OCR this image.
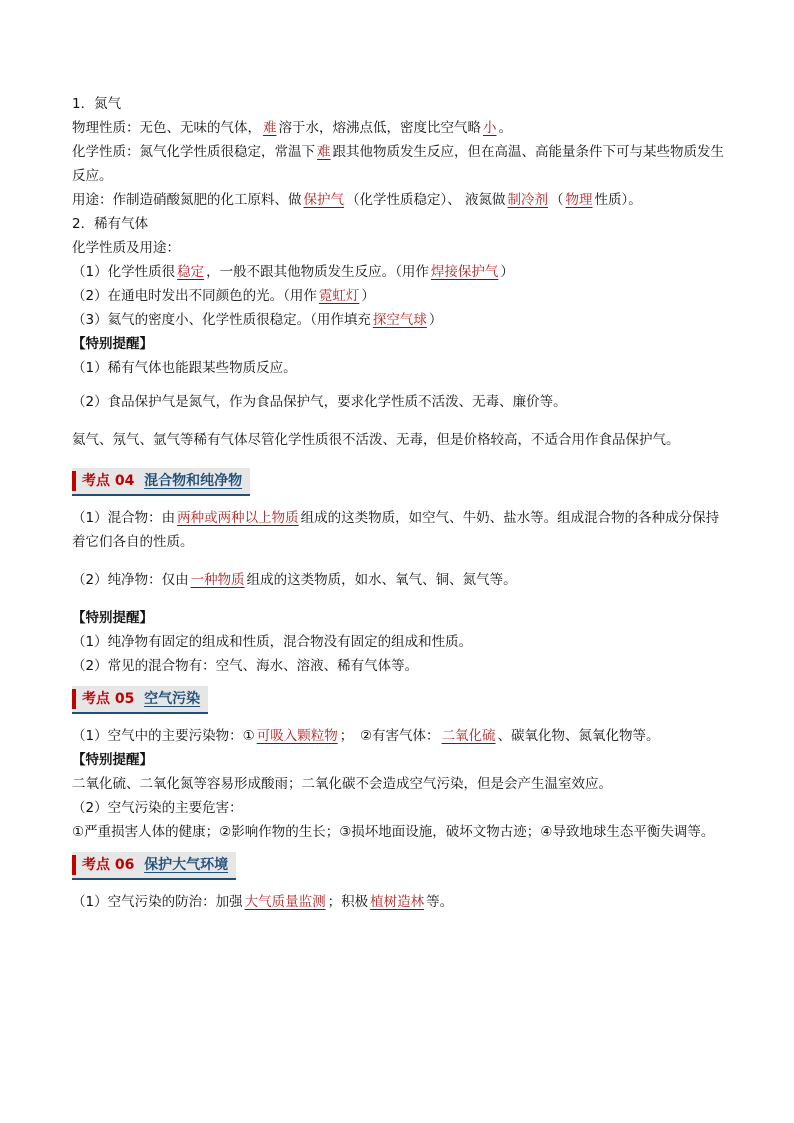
1．氮气

物理性质：无色、无味的气体， 难 溶于水，熔沸点低，密度比空气略 小 。

化学性质：氮气化学性质很稳定，常温下 难 跟其他物质发生反应，但在高温、高能量条件下可与某些物质发生反应。

用途：作制造硝酸氮肥的化工原料、做 保护气 （化学性质稳定）、 液氮做 制冷剂 （ 物理 性质）。

2．稀有气体

化学性质及用途：

（1）化学性质很 稳定 ，一般不跟其他物质发生反应。（用作 焊接保护气 ）

（2）在通电时发出不同颜色的光。（用作 霓虹灯 ）

（3）氦气的密度小、化学性质很稳定。（用作填充 探空气球 ）

【特别提醒】

（1）稀有气体也能跟某些物质反应。

（2）食品保护气是氮气，作为食品保护气，要求化学性质不活泼、无毒、廉价等。

氦气、氖气、氩气等稀有气体尽管化学性质很不活泼、无毒，但是价格较高，不适合用作食品保护气。

考点 04 混合物和纯净物

（1）混合物：由 两种或两种以上物质 组成的这类物质，如空气、牛奶、盐水等。组成混合物的各种成分保持着它们各自的性质。

（2）纯净物：仅由 一种物质 组成的这类物质，如水、氧气、铜、氮气等。

【特别提醒】

（1）纯净物有固定的组成和性质，混合物没有固定的组成和性质。

（2）常见的混合物有：空气、海水、溶液、稀有气体等。

考点 05 空气污染

（1）空气中的主要污染物：① 可吸入颗粒物 ；　②有害气体： 二氧化硫 、碳氧化物、氮氧化物等。

【特别提醒】

二氧化硫、二氧化氮等容易形成酸雨；二氧化碳不会造成空气污染，但是会产生温室效应。

（2）空气污染的主要危害：

①严重损害人体的健康；②影响作物的生长；③损坏地面设施，破坏文物古迹；④导致地球生态平衡失调等。

考点 06 保护大气环境

（1）空气污染的防治：加强 大气质量监测 ；积极 植树造林 等。
